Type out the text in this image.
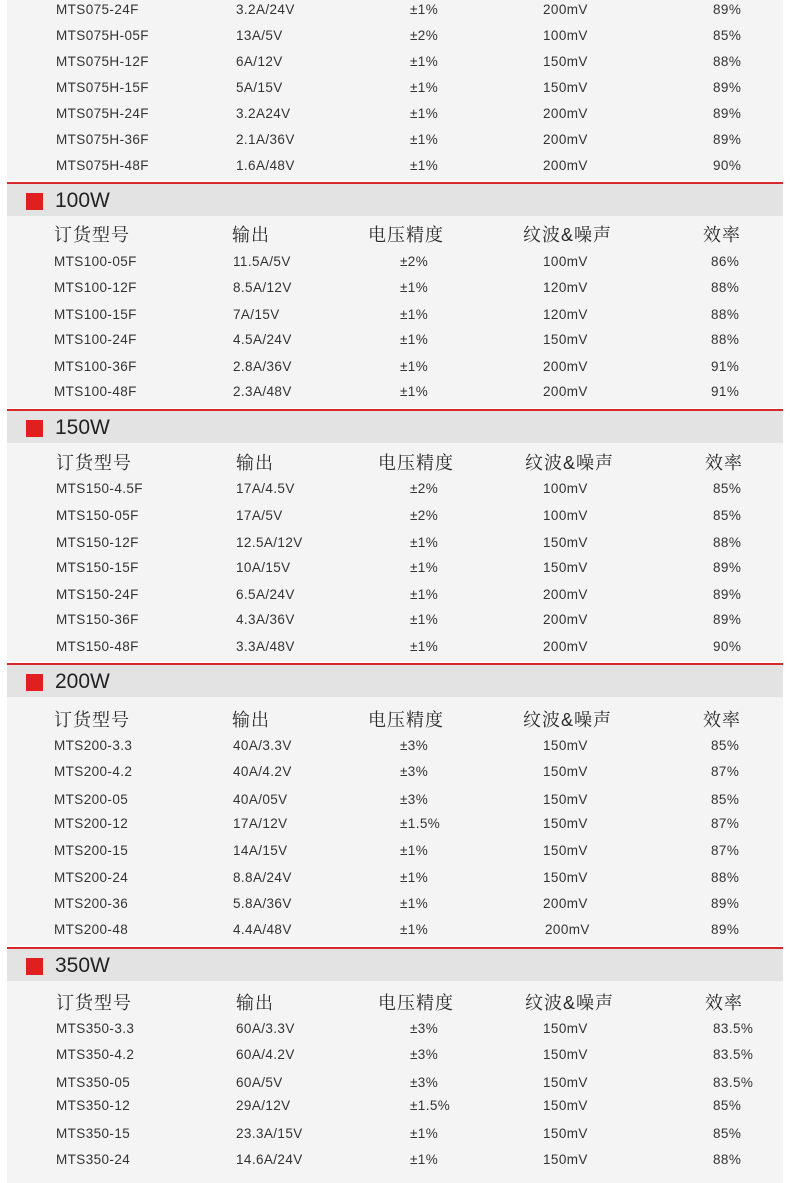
MTS075-24F	3.2A/24V	±1%	200mV	89%
MTS075H-05F	13A/5V	±2%	100mV	85%
MTS075H-12F	6A/12V	±1%	150mV	88%
MTS075H-15F	5A/15V	±1%	150mV	89%
MTS075H-24F	3.2A24V	±1%	200mV	89%
MTS075H-36F	2.1A/36V	±1%	200mV	89%
MTS075H-48F	1.6A/48V	±1%	200mV	90%
100W
订货型号	输出	电压精度	纹波&噪声	效率
MTS100-05F	11.5A/5V	±2%	100mV	86%
MTS100-12F	8.5A/12V	±1%	120mV	88%
MTS100-15F	7A/15V	±1%	120mV	88%
MTS100-24F	4.5A/24V	±1%	150mV	88%
MTS100-36F	2.8A/36V	±1%	200mV	91%
MTS100-48F	2.3A/48V	±1%	200mV	91%
150W
订货型号	输出	电压精度	纹波&噪声	效率
MTS150-4.5F	17A/4.5V	±2%	100mV	85%
MTS150-05F	17A/5V	±2%	100mV	85%
MTS150-12F	12.5A/12V	±1%	150mV	88%
MTS150-15F	10A/15V	±1%	150mV	89%
MTS150-24F	6.5A/24V	±1%	200mV	89%
MTS150-36F	4.3A/36V	±1%	200mV	89%
MTS150-48F	3.3A/48V	±1%	200mV	90%
200W
订货型号	输出	电压精度	纹波&噪声	效率
MTS200-3.3	40A/3.3V	±3%	150mV	85%
MTS200-4.2	40A/4.2V	±3%	150mV	87%
MTS200-05	40A/05V	±3%	150mV	85%
MTS200-12	17A/12V	±1.5%	150mV	87%
MTS200-15	14A/15V	±1%	150mV	87%
MTS200-24	8.8A/24V	±1%	150mV	88%
MTS200-36	5.8A/36V	±1%	200mV	89%
MTS200-48	4.4A/48V	±1%	200mV	89%
350W
订货型号	输出	电压精度	纹波&噪声	效率
MTS350-3.3	60A/3.3V	±3%	150mV	83.5%
MTS350-4.2	60A/4.2V	±3%	150mV	83.5%
MTS350-05	60A/5V	±3%	150mV	83.5%
MTS350-12	29A/12V	±1.5%	150mV	85%
MTS350-15	23.3A/15V	±1%	150mV	85%
MTS350-24	14.6A/24V	±1%	150mV	88%
